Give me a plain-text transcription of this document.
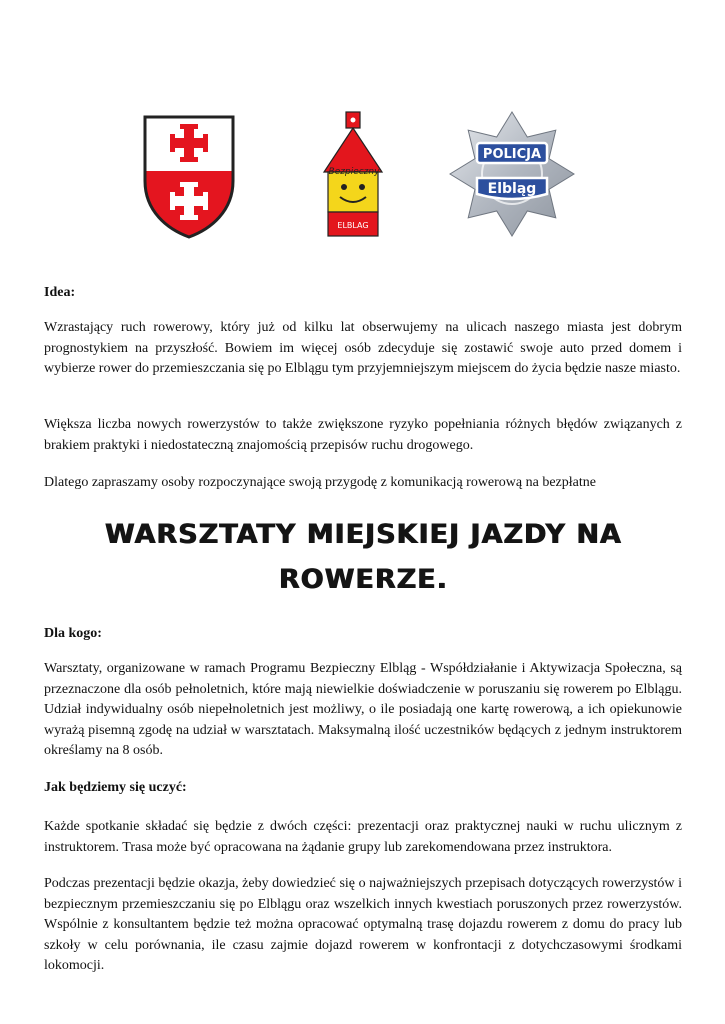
Bezpieczny
ELBLAG
POLICJA
Elbląg
Idea:

Wzrastający ruch rowerowy, który już od kilku lat obserwujemy na ulicach naszego miasta jest dobrym prognostykiem na przyszłość. Bowiem im więcej osób zdecyduje się zostawić swoje auto przed domem i wybierze rower do przemieszczania się po Elblągu tym przyjemniejszym miejscem do życia będzie nasze miasto.

Większa liczba nowych rowerzystów to także zwiększone ryzyko popełniania różnych błędów związanych z brakiem praktyki i niedostateczną znajomością przepisów ruchu drogowego.

Dlatego zapraszamy osoby rozpoczynające swoją przygodę z komunikacją rowerową na bezpłatne

WARSZTATY MIEJSKIEJ JAZDY NA
ROWERZE.
Dla kogo:

Warsztaty, organizowane w ramach Programu Bezpieczny Elbląg - Współdziałanie i Aktywizacja Społeczna, są przeznaczone dla osób pełnoletnich, które mają niewielkie doświadczenie w poruszaniu się rowerem po Elblągu. Udział indywidualny osób niepełnoletnich jest możliwy, o ile posiadają one kartę rowerową, a ich opiekunowie wyrażą pisemną zgodę na udział w warsztatach. Maksymalną ilość uczestników będących z jednym instruktorem określamy na 8 osób.

Jak będziemy się uczyć:

Każde spotkanie składać się będzie z dwóch części: prezentacji oraz praktycznej nauki w ruchu ulicznym z instruktorem. Trasa może być opracowana na żądanie grupy lub zarekomendowana przez instruktora.

Podczas prezentacji będzie okazja, żeby dowiedzieć się o najważniejszych przepisach dotyczących rowerzystów i bezpiecznym przemieszczaniu się po Elblągu oraz wszelkich innych kwestiach poruszonych przez rowerzystów. Wspólnie z konsultantem będzie też można opracować optymalną trasę dojazdu rowerem z domu do pracy lub szkoły w celu porównania, ile czasu zajmie dojazd rowerem w konfrontacji z dotychczasowymi środkami lokomocji.
